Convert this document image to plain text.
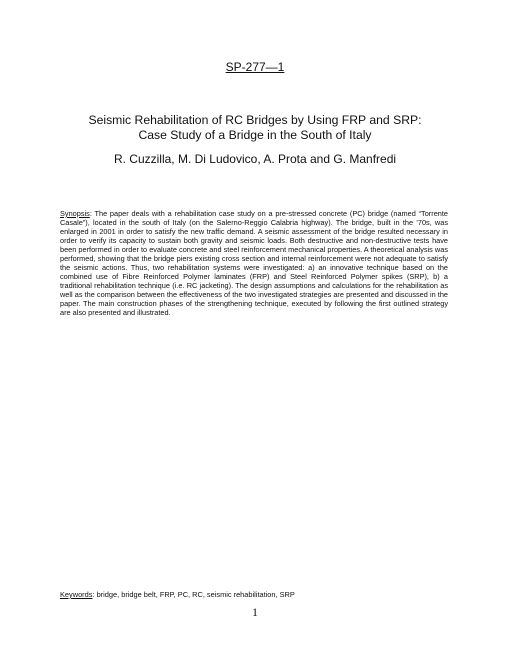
SP-277—1
Seismic Rehabilitation of RC Bridges by Using FRP and SRP:
Case Study of a Bridge in the South of Italy
R. Cuzzilla, M. Di Ludovico, A. Prota and G. Manfredi

Synopsis: The paper deals with a rehabilitation case study on a pre-stressed concrete (PC) bridge (named “Torrente Casale”), located in the south of Italy (on the Salerno-Reggio Calabria highway). The bridge, built in the ’70s, was enlarged in 2001 in order to satisfy the new traffic demand. A seismic assessment of the bridge resulted necessary in order to verify its capacity to sustain both gravity and seismic loads. Both destructive and non-destructive tests have been performed in order to evaluate concrete and steel reinforcement mechanical properties. A theoretical analysis was performed, showing that the bridge piers existing cross section and internal reinforcement were not adequate to satisfy the seismic actions. Thus, two rehabilitation systems were investigated: a) an innovative technique based on the combined use of Fibre Reinforced Polymer laminates (FRP) and Steel Reinforced Polymer spikes (SRP), b) a traditional rehabilitation technique (i.e. RC jacketing). The design assumptions and calculations for the rehabilitation as well as the comparison between the effectiveness of the two investigated strategies are presented and discussed in the paper. The main construction phases of the strengthening technique, executed by following the first outlined strategy are also presented and illustrated.

Keywords: bridge, bridge belt, FRP, PC, RC, seismic rehabilitation, SRP
1
